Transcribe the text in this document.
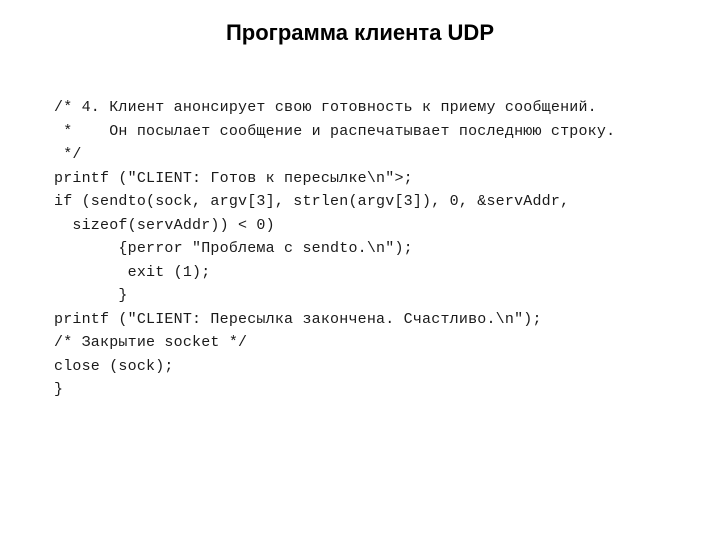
Программа клиента UDP
/* 4. Клиент анонсирует свою готовность к приему сообщений.
*    Он посылает сообщение и распечатывает последнюю строку.
*/
printf ("CLIENT: Готов к пересылке\n">;
if (sendto(sock, argv[3], strlen(argv[3]), 0, &servAddr,
sizeof(servAddr)) < 0)
{perror "Проблема с sendto.\n");
exit (1);
}
printf ("CLIENT: Пересылка закончена. Счастливо.\n");
/* Закрытие socket */
close (sock);
}
